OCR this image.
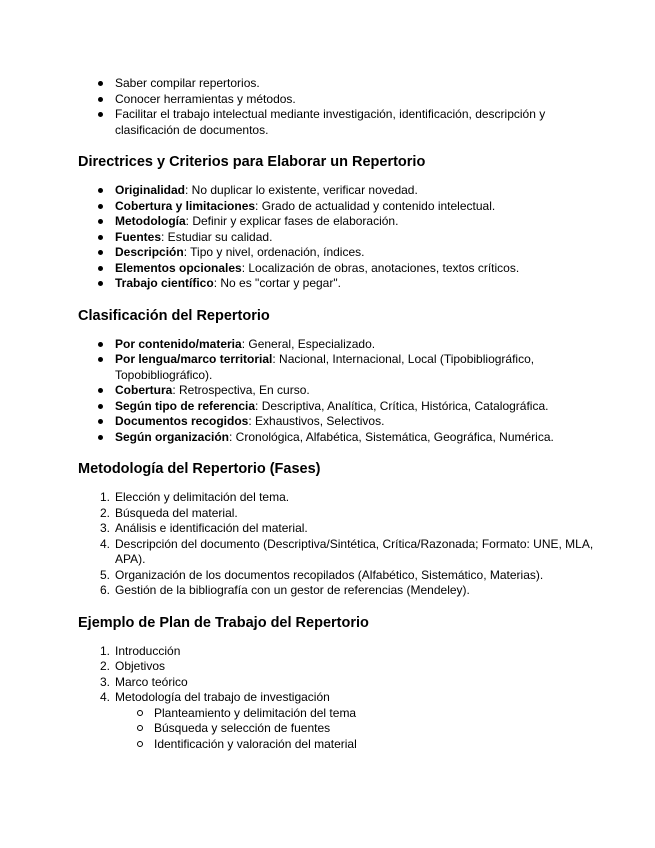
Saber compilar repertorios.
Conocer herramientas y métodos.
Facilitar el trabajo intelectual mediante investigación, identificación, descripción y clasificación de documentos.
Directrices y Criterios para Elaborar un Repertorio
Originalidad: No duplicar lo existente, verificar novedad.
Cobertura y limitaciones: Grado de actualidad y contenido intelectual.
Metodología: Definir y explicar fases de elaboración.
Fuentes: Estudiar su calidad.
Descripción: Tipo y nivel, ordenación, índices.
Elementos opcionales: Localización de obras, anotaciones, textos críticos.
Trabajo científico: No es "cortar y pegar".
Clasificación del Repertorio
Por contenido/materia: General, Especializado.
Por lengua/marco territorial: Nacional, Internacional, Local (Tipobibliográfico, Topobibliográfico).
Cobertura: Retrospectiva, En curso.
Según tipo de referencia: Descriptiva, Analítica, Crítica, Histórica, Catalográfica.
Documentos recogidos: Exhaustivos, Selectivos.
Según organización: Cronológica, Alfabética, Sistemática, Geográfica, Numérica.
Metodología del Repertorio (Fases)
1. Elección y delimitación del tema.
2. Búsqueda del material.
3. Análisis e identificación del material.
4. Descripción del documento (Descriptiva/Sintética, Crítica/Razonada; Formato: UNE, MLA, APA).
5. Organización de los documentos recopilados (Alfabético, Sistemático, Materias).
6. Gestión de la bibliografía con un gestor de referencias (Mendeley).
Ejemplo de Plan de Trabajo del Repertorio
1. Introducción
2. Objetivos
3. Marco teórico
4. Metodología del trabajo de investigación
Planteamiento y delimitación del tema
Búsqueda y selección de fuentes
Identificación y valoración del material
